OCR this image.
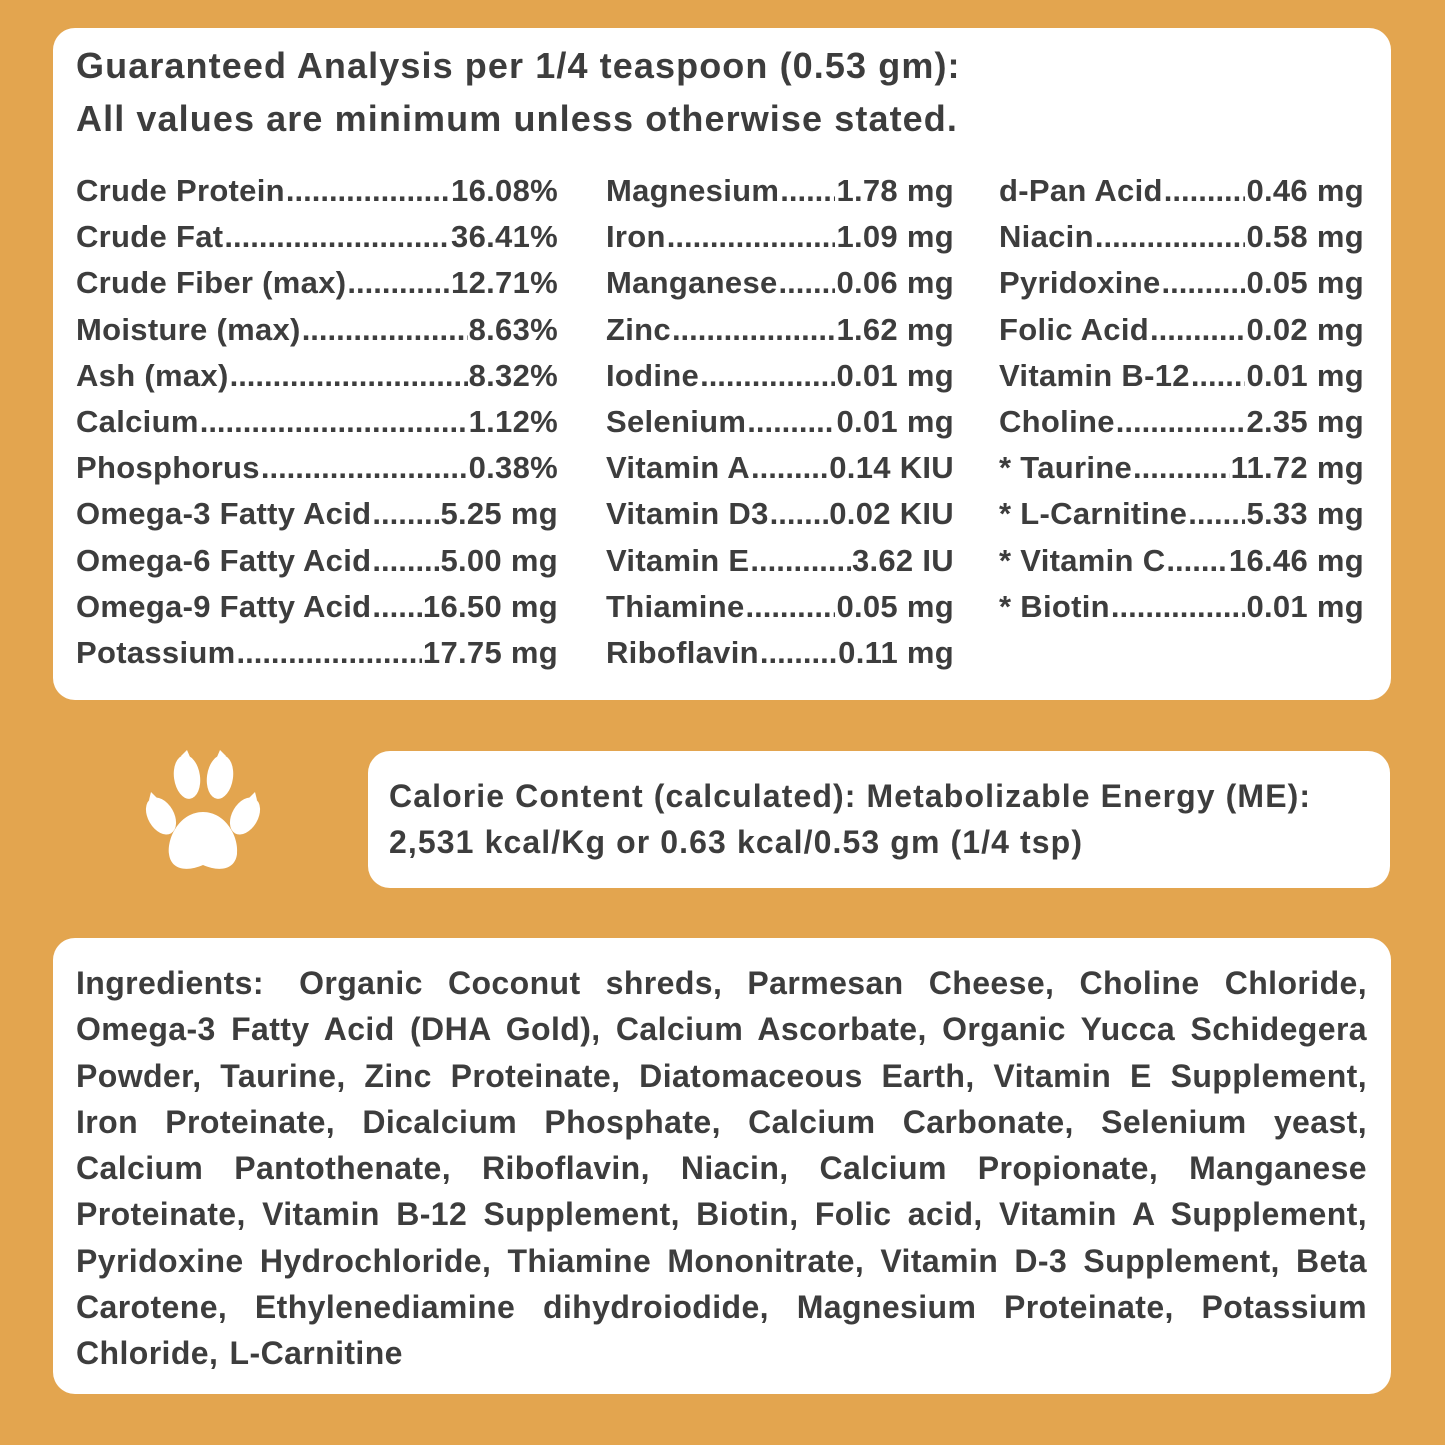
Guaranteed Analysis per 1/4 teaspoon (0.53 gm):
All values are minimum unless otherwise stated.
Crude Protein .....	16.08%
Crude Fat .....	36.41%
Crude Fiber (max) .....	12.71%
Moisture (max) .....	8.63%
Ash (max) .....	8.32%
Calcium .....	1.12%
Phosphorus .....	0.38%
Omega-3 Fatty Acid ..... 5.25 mg
Omega-6 Fatty Acid ..... 5.00 mg
Omega-9 Fatty Acid ..... 16.50 mg
Potassium .....	17.75 mg
Magnesium ..... 1.78 mg
Iron .....	1.09 mg
Manganese ..... 0.06 mg
Zinc .....	1.62 mg
Iodine .....	0.01 mg
Selenium .....	0.01 mg
Vitamin A .....	0.14 KIU
Vitamin D3 ..... 0.02 KIU
Vitamin E .....	3.62 IU
Thiamine .....	0.05 mg
Riboflavin .....	0.11 mg
d-Pan Acid .....	0.46 mg
Niacin .....	0.58 mg
Pyridoxine .....	0.05 mg
Folic Acid .....	0.02 mg
Vitamin B-12 ..... 0.01 mg
Choline .....	2.35 mg
* Taurine .....	11.72 mg
* L-Carnitine ..... 5.33 mg
* Vitamin C ..... 16.46 mg
* Biotin .....	0.01 mg

Calorie Content (calculated): Metabolizable Energy (ME):

2,531 kcal/Kg or 0.63 kcal/0.53 gm (1/4 tsp)

Ingredients: Organic Coconut shreds, Parmesan Cheese, Choline Chloride, Omega-3 Fatty Acid (DHA Gold), Calcium Ascorbate, Organic Yucca Schidegera Powder, Taurine, Zinc Proteinate, Diatomaceous Earth, Vitamin E Supplement, Iron Proteinate, Dicalcium Phosphate, Calcium Carbonate, Selenium yeast, Calcium Pantothenate, Riboflavin, Niacin, Calcium Propionate, Manganese Proteinate, Vitamin B-12 Supplement, Biotin, Folic acid, Vitamin A Supplement, Pyridoxine Hydrochloride, Thiamine Mononitrate, Vitamin D-3 Supplement, Beta Carotene, Ethylenediamine dihydroiodide, Magnesium Proteinate, Potassium Chloride, L-Carnitine
